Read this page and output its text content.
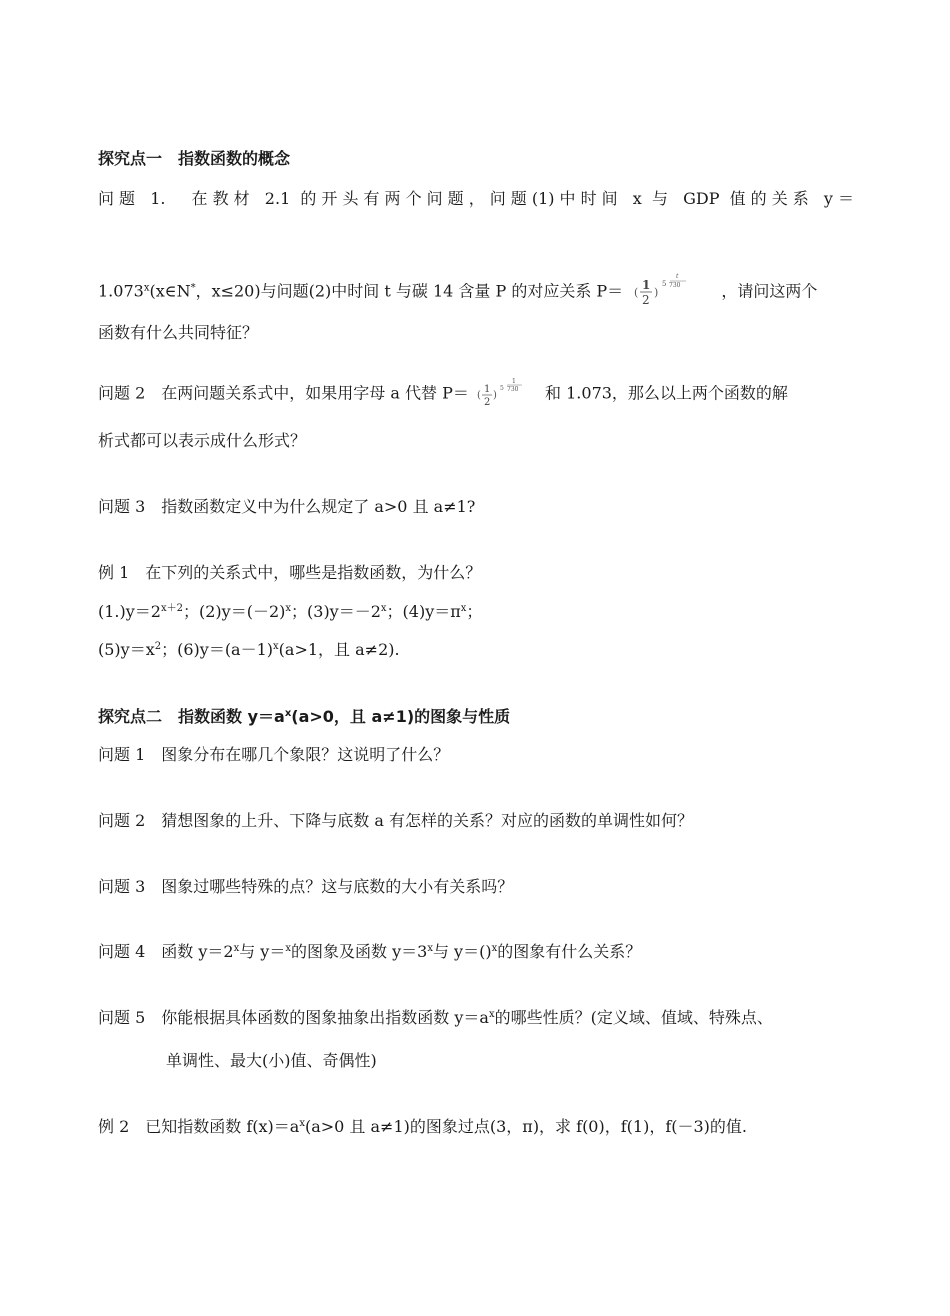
探究点一　指数函数的概念
问题 1.　在教材 2.1 的开头有两个问题，问题(1)中时间 x 与 GDP 值的关系 y＝
$1.073^x(x\in N^*$，x≤20)与问题(2)中时间 t 与碳 14 含量 P 的对应关系 P＝ (
1
2
)
5
t
730	，请问这两个
函数有什么共同特征？
问题 2　在两问题关系式中，如果用字母 a 代替 P＝ (
1
2
)
5
1
730 和 1.073，那么以上两个函数的解
析式都可以表示成什么形式？
问题 3　指数函数定义中为什么规定了 a>0 且 a≠1?
例 1　在下列的关系式中，哪些是指数函数，为什么？
$(1.)y=2^{x+2}$；$(2)y=(-2)^x$；$(3)y=-2^x$；$(4)y=\pi^x$；
$(5)y=x^2$；$(6)y=(a-1)^x(a>1$，且 a≠2).
探究点二　指数函数 $y=a^x(a>0$，且 a≠1)的图象与性质
问题 1　图象分布在哪几个象限？这说明了什么？
问题 2　猜想图象的上升、下降与底数 a 有怎样的关系？对应的函数的单调性如何？
问题 3　图象过哪些特殊的点？这与底数的大小有关系吗？
问题 4　函数 $y=2^x$与 y＝$^x$的图象及函数 $y=3^x$与 y＝()$^x$的图象有什么关系？
问题 5　你能根据具体函数的图象抽象出指数函数 $y=a^x$的哪些性质？(定义域、值域、特殊点、
单调性、最大(小)值、奇偶性)
例 2　已知指数函数 $f(x)=a^x(a>0$ 且 a≠1)的图象过点(3，π)，求 f(0)，f(1)，f(－3)的值.
